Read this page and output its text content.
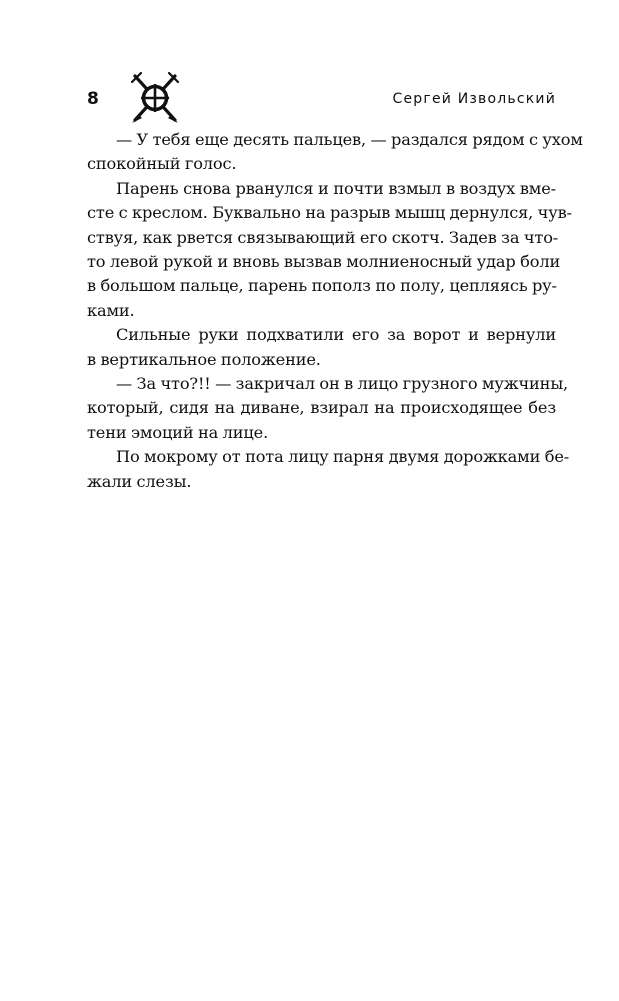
8	Сергей Извольский

— У тебя еще десять пальцев, — раздался рядом с ухом
спокойный голос.

Парень снова рванулся и почти взмыл в воздух вме-
сте с креслом. Буквально на разрыв мышц дернулся, чув-
ствуя, как рвется связывающий его скотч. Задев за что-
то левой рукой и вновь вызвав молниеносный удар боли
в большом пальце, парень пополз по полу, цепляясь ру-
ками.

Сильные руки подхватили его за ворот и вернули
в вертикальное положение.

— За что?!! — закричал он в лицо грузного мужчины,
который, сидя на диване, взирал на происходящее без
тени эмоций на лице.

По мокрому от пота лицу парня двумя дорожками бе-
жали слезы.
